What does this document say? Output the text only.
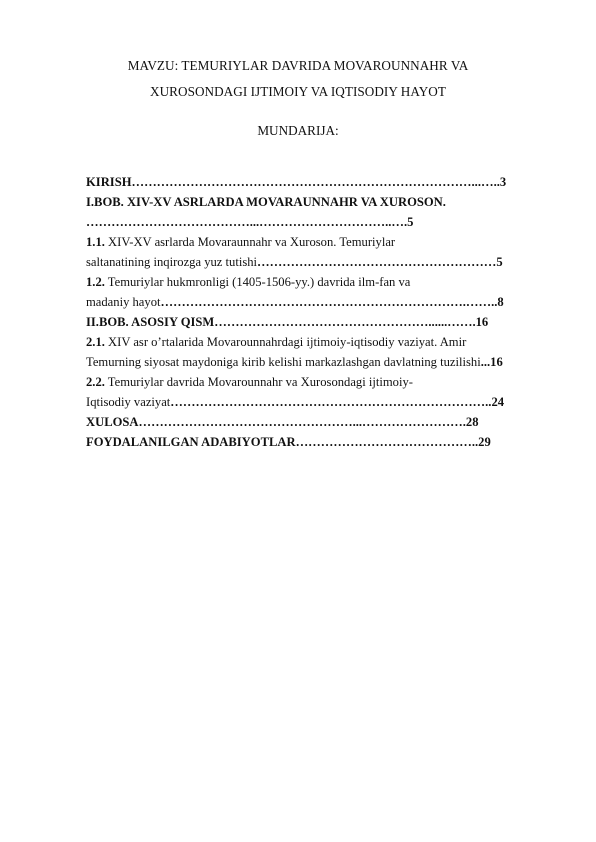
MAVZU: TEMURIYLAR DAVRIDA MOVAROUNNAHR VA
XUROSONDAGI IJTIMOIY VA IQTISODIY HAYOT
MUNDARIJA:
KIRISH………………………………………………………………………...…..3
I.BOB. XIV-XV ASRLARDA MOVARAUNNAHR VA XUROSON.
…………………………………...…………………………..….5
1.1. XIV-XV asrlarda Movaraunnahr va Xuroson. Temuriylar
saltanatining inqirozga yuz tutishi…………………………………………………5
1.2. Temuriylar hukmronligi (1405-1506-yy.) davrida ilm-fan va
madaniy hayot……………………………………………………………….……..8
II.BOB. ASOSIY QISM……………………………………………......…….16
2.1. XIV asr o’rtalarida Movarounnahrdagi ijtimoiy-iqtisodiy vaziyat. Amir
Temurning siyosat maydoniga kirib kelishi markazlashgan davlatning tuzilishi...16
2.2. Temuriylar davrida Movarounnahr va Xurosondagi ijtimoiy-
Iqtisodiy vaziyat…………………………………………………………………..24
XULOSA……………………………………………...…………………….28
FOYDALANILGAN ADABIYOTLAR……………………………………..29
